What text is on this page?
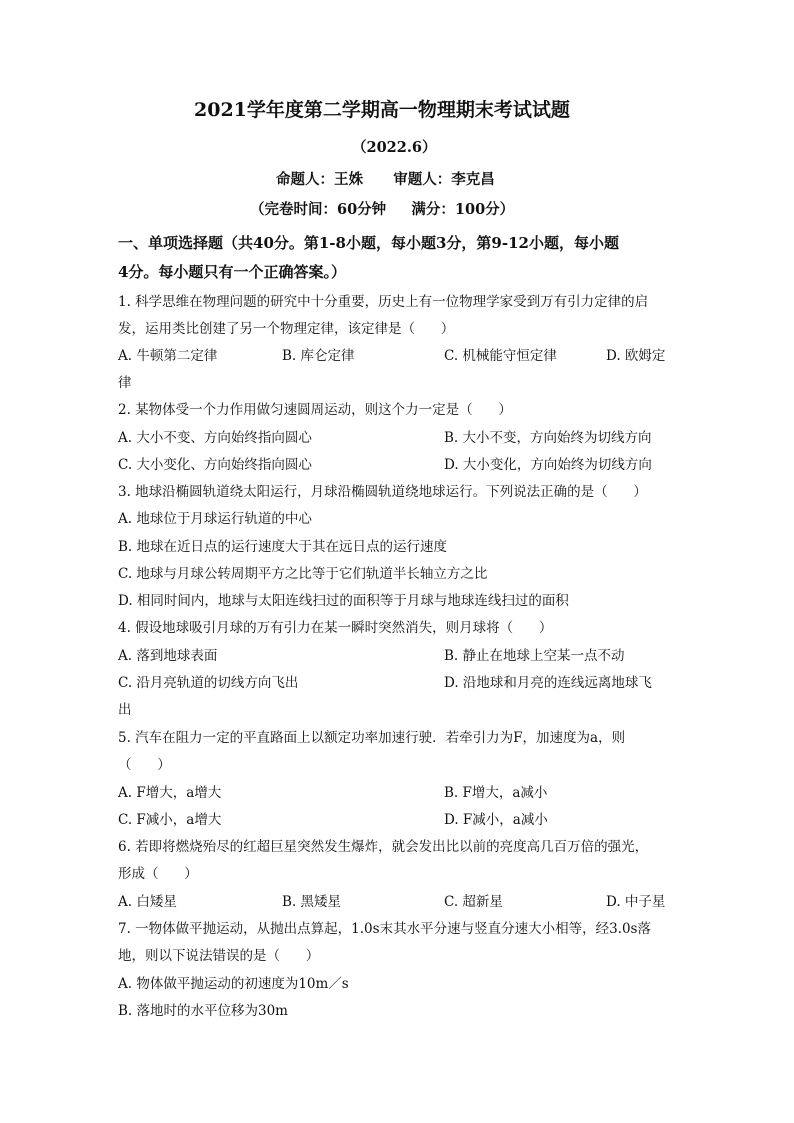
2021学年度第二学期高一物理期末考试试题
（2022.6）
命题人：王姝      审题人：李克昌
（完卷时间：60分钟     满分：100分）
一、单项选择题（共40分。第1-8小题，每小题3分，第9-12小题，每小题
4分。每小题只有一个正确答案。）
1. 科学思维在物理问题的研究中十分重要，历史上有一位物理学家受到万有引力定律的启
发，运用类比创建了另一个物理定律，该定律是（      ）
A. 牛顿第二定律	B. 库仑定律	C. 机械能守恒定律	D. 欧姆定
律
2. 某物体受一个力作用做匀速圆周运动，则这个力一定是（      ）
A. 大小不变、方向始终指向圆心	B. 大小不变，方向始终为切线方向
C. 大小变化、方向始终指向圆心	D. 大小变化，方向始终为切线方向
3. 地球沿椭圆轨道绕太阳运行，月球沿椭圆轨道绕地球运行。下列说法正确的是（      ）
A. 地球位于月球运行轨道的中心
B. 地球在近日点的运行速度大于其在远日点的运行速度
C. 地球与月球公转周期平方之比等于它们轨道半长轴立方之比
D. 相同时间内，地球与太阳连线扫过的面积等于月球与地球连线扫过的面积
4. 假设地球吸引月球的万有引力在某一瞬时突然消失，则月球将（      ）
A. 落到地球表面	B. 静止在地球上空某一点不动
C. 沿月亮轨道的切线方向飞出	D. 沿地球和月亮的连线远离地球飞
出
5. 汽车在阻力一定的平直路面上以额定功率加速行驶．若牵引力为F，加速度为a，则
（      ）
A. F增大，a增大	B. F增大，a减小
C. F减小，a增大	D. F减小，a减小
6. 若即将燃烧殆尽的红超巨星突然发生爆炸，就会发出比以前的亮度高几百万倍的强光，
形成（      ）
A. 白矮星	B. 黑矮星	C. 超新星	D. 中子星
7. 一物体做平抛运动，从抛出点算起，1.0s末其水平分速与竖直分速大小相等，经3.0s落
地，则以下说法错误的是（      ）
A. 物体做平抛运动的初速度为10m／s
B. 落地时的水平位移为30m
